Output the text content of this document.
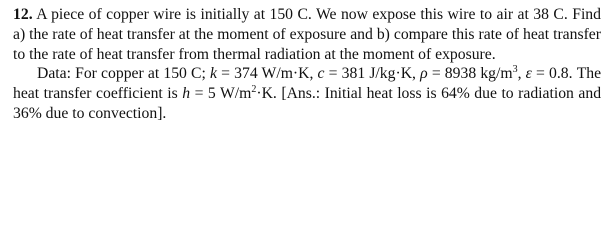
12. A piece of copper wire is initially at 150 C. We now expose this wire to air at 38 C. Find a) the rate of heat transfer at the moment of exposure and b) compare this rate of heat transfer to the rate of heat transfer from thermal radiation at the moment of exposure.

Data: For copper at 150 C; k = 374 W/m·K, c = 381 J/kg·K, ρ = 8938 $kg/m^3$, ε = 0.8. The heat transfer coefficient is h = 5 $W/m^2\cdot K$. [Ans.: Initial heat loss is 64% due to radiation and 36% due to convection].
